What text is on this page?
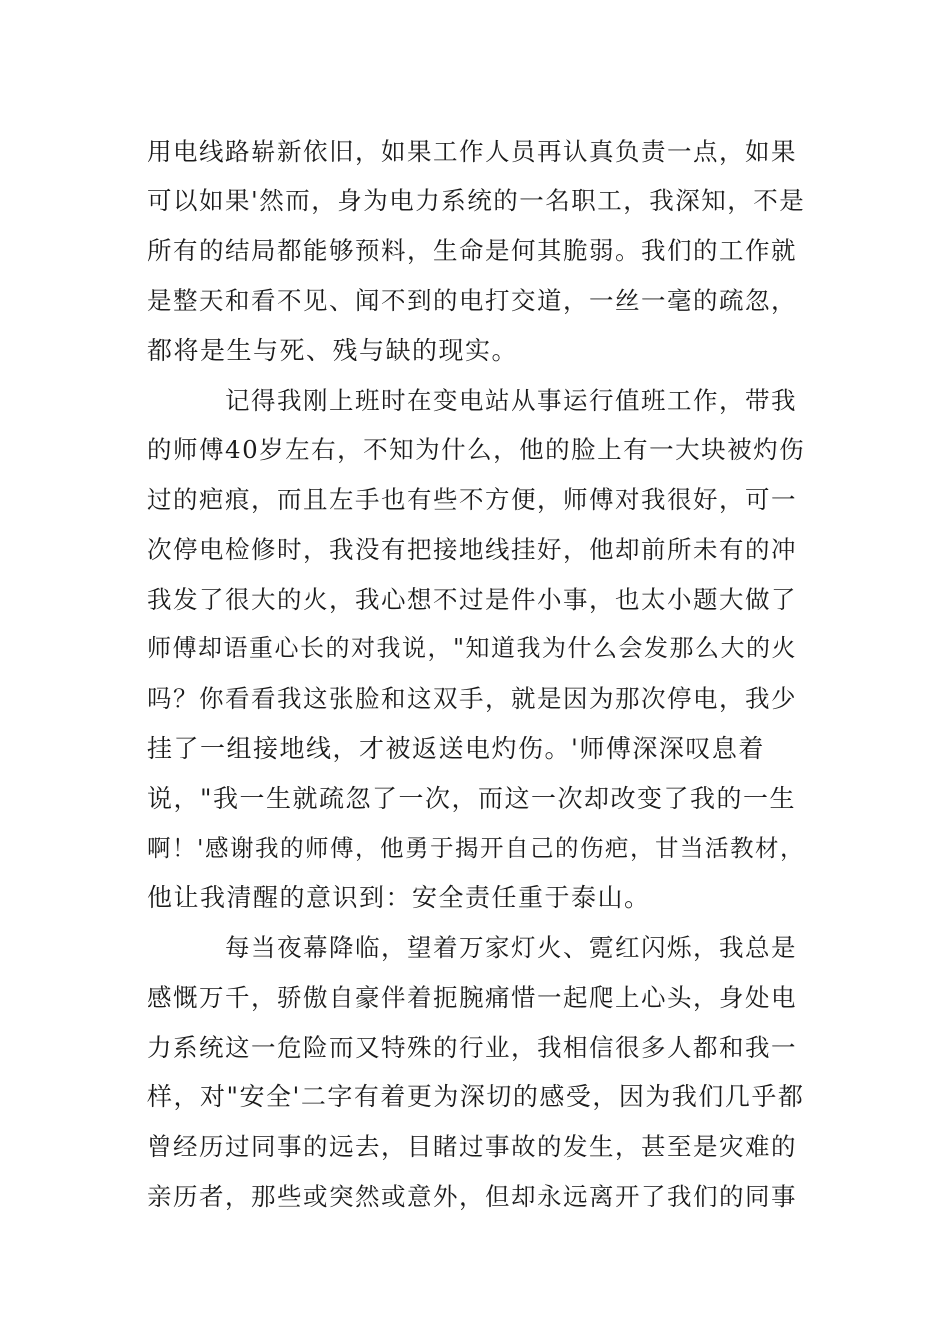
用电线路崭新依旧，如果工作人员再认真负责一点，如果
可以如果'然而，身为电力系统的一名职工，我深知，不是
所有的结局都能够预料，生命是何其脆弱。我们的工作就
是整天和看不见、闻不到的电打交道，一丝一毫的疏忽，
都将是生与死、残与缺的现实。
记得我刚上班时在变电站从事运行值班工作，带我
的师傅40岁左右，不知为什么，他的脸上有一大块被灼伤
过的疤痕，而且左手也有些不方便，师傅对我很好，可一
次停电检修时，我没有把接地线挂好，他却前所未有的冲
我发了很大的火，我心想不过是件小事，也太小题大做了
师傅却语重心长的对我说，"知道我为什么会发那么大的火
吗？你看看我这张脸和这双手，就是因为那次停电，我少
挂了一组接地线，才被返送电灼伤。'师傅深深叹息着
说，"我一生就疏忽了一次，而这一次却改变了我的一生
啊！'感谢我的师傅，他勇于揭开自己的伤疤，甘当活教材，
他让我清醒的意识到：安全责任重于泰山。
每当夜幕降临，望着万家灯火、霓红闪烁，我总是
感慨万千，骄傲自豪伴着扼腕痛惜一起爬上心头，身处电
力系统这一危险而又特殊的行业，我相信很多人都和我一
样，对"安全'二字有着更为深切的感受，因为我们几乎都
曾经历过同事的远去，目睹过事故的发生，甚至是灾难的
亲历者，那些或突然或意外，但却永远离开了我们的同事
